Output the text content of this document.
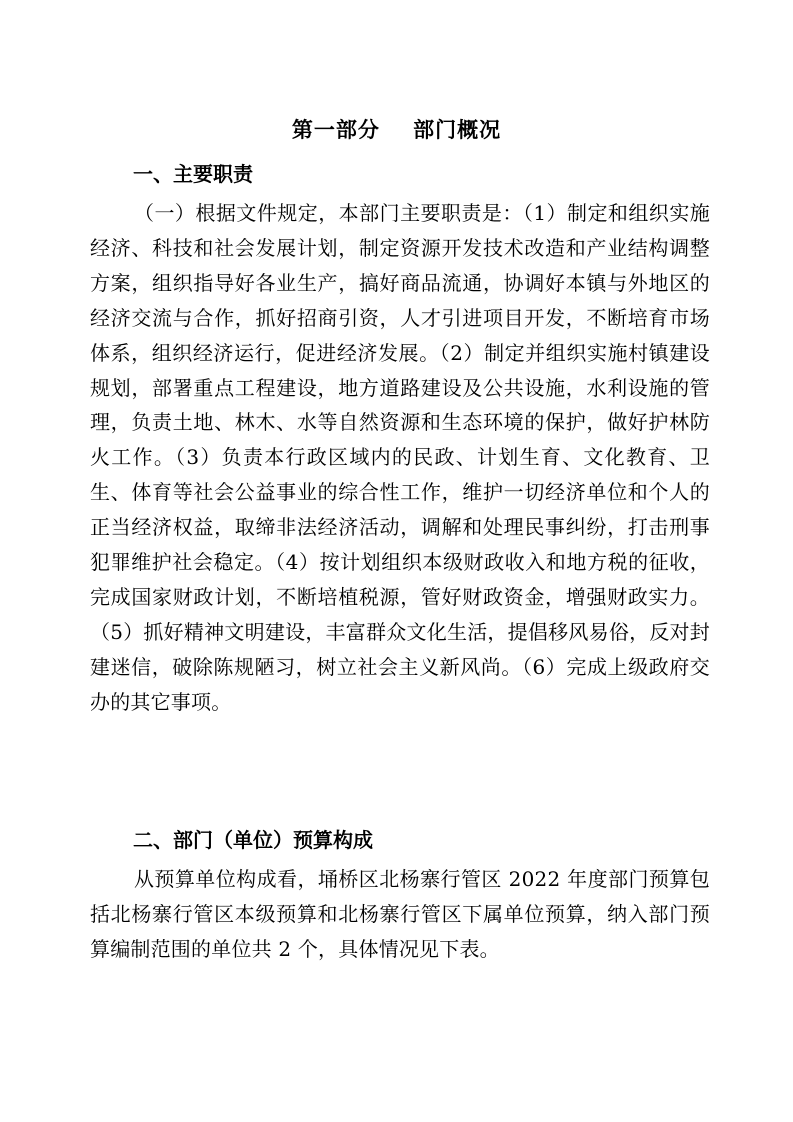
第一部分    部门概况
一、主要职责

（一）根据文件规定，本部门主要职责是：（1）制定和组织实施经济、科技和社会发展计划，制定资源开发技术改造和产业结构调整方案，组织指导好各业生产，搞好商品流通，协调好本镇与外地区的经济交流与合作，抓好招商引资，人才引进项目开发，不断培育市场体系，组织经济运行，促进经济发展。（2）制定并组织实施村镇建设规划，部署重点工程建设，地方道路建设及公共设施，水利设施的管理，负责土地、林木、水等自然资源和生态环境的保护，做好护林防火工作。（3）负责本行政区域内的民政、计划生育、文化教育、卫生、体育等社会公益事业的综合性工作，维护一切经济单位和个人的正当经济权益，取缔非法经济活动，调解和处理民事纠纷，打击刑事犯罪维护社会稳定。（4）按计划组织本级财政收入和地方税的征收，完成国家财政计划，不断培植税源，管好财政资金，增强财政实力。（5）抓好精神文明建设，丰富群众文化生活，提倡移风易俗，反对封建迷信，破除陈规陋习，树立社会主义新风尚。（6）完成上级政府交办的其它事项。

二、部门（单位）预算构成

从预算单位构成看，埇桥区北杨寨行管区 2022 年度部门预算包括北杨寨行管区本级预算和北杨寨行管区下属单位预算，纳入部门预算编制范围的单位共 2 个，具体情况见下表。
